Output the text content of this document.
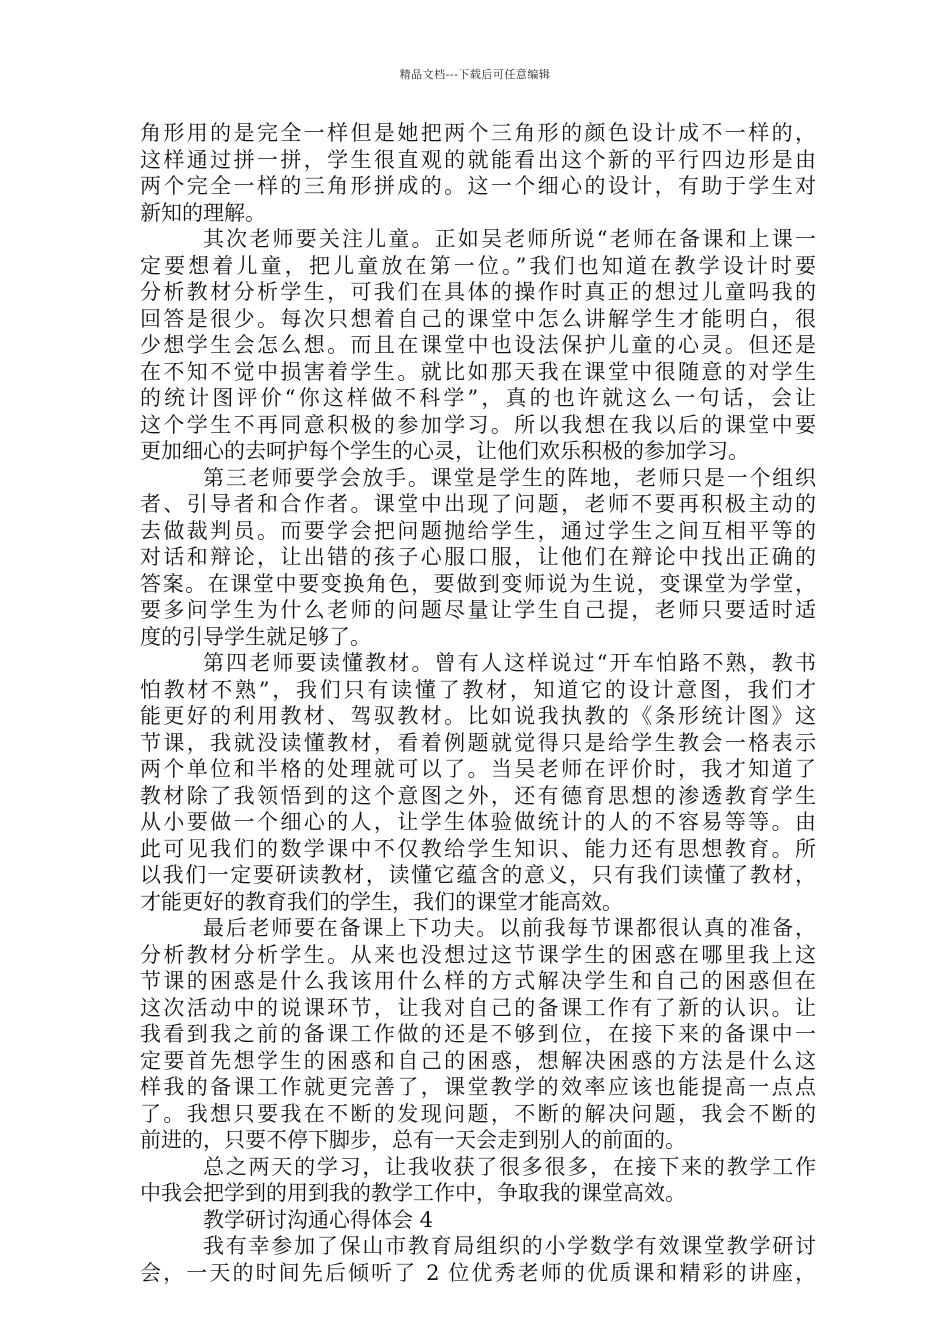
精品文档---下载后可任意编辑
角形用的是完全一样但是她把两个三角形的颜色设计成不一样的，
这样通过拼一拼，学生很直观的就能看出这个新的平行四边形是由
两个完全一样的三角形拼成的。这一个细心的设计，有助于学生对
新知的理解。
其次老师要关注儿童。正如吴老师所说“老师在备课和上课一
定要想着儿童，把儿童放在第一位。”我们也知道在教学设计时要
分析教材分析学生，可我们在具体的操作时真正的想过儿童吗我的
回答是很少。每次只想着自己的课堂中怎么讲解学生才能明白，很
少想学生会怎么想。而且在课堂中也设法保护儿童的心灵。但还是
在不知不觉中损害着学生。就比如那天我在课堂中很随意的对学生
的统计图评价“你这样做不科学”，真的也许就这么一句话，会让
这个学生不再同意积极的参加学习。所以我想在我以后的课堂中要
更加细心的去呵护每个学生的心灵，让他们欢乐积极的参加学习。
第三老师要学会放手。课堂是学生的阵地，老师只是一个组织
者、引导者和合作者。课堂中出现了问题，老师不要再积极主动的
去做裁判员。而要学会把问题抛给学生，通过学生之间互相平等的
对话和辩论，让出错的孩子心服口服，让他们在辩论中找出正确的
答案。在课堂中要变换角色，要做到变师说为生说，变课堂为学堂，
要多问学生为什么老师的问题尽量让学生自己提，老师只要适时适
度的引导学生就足够了。
第四老师要读懂教材。曾有人这样说过“开车怕路不熟，教书
怕教材不熟”，我们只有读懂了教材，知道它的设计意图，我们才
能更好的利用教材、驾驭教材。比如说我执教的《条形统计图》这
节课，我就没读懂教材，看着例题就觉得只是给学生教会一格表示
两个单位和半格的处理就可以了。当吴老师在评价时，我才知道了
教材除了我领悟到的这个意图之外，还有德育思想的渗透教育学生
从小要做一个细心的人，让学生体验做统计的人的不容易等等。由
此可见我们的数学课中不仅教给学生知识、能力还有思想教育。所
以我们一定要研读教材，读懂它蕴含的意义，只有我们读懂了教材，
才能更好的教育我们的学生，我们的课堂才能高效。
最后老师要在备课上下功夫。以前我每节课都很认真的准备，
分析教材分析学生。从来也没想过这节课学生的困惑在哪里我上这
节课的困惑是什么我该用什么样的方式解决学生和自己的困惑但在
这次活动中的说课环节，让我对自己的备课工作有了新的认识。让
我看到我之前的备课工作做的还是不够到位，在接下来的备课中一
定要首先想学生的困惑和自己的困惑，想解决困惑的方法是什么这
样我的备课工作就更完善了，课堂教学的效率应该也能提高一点点
了。我想只要我在不断的发现问题，不断的解决问题，我会不断的
前进的，只要不停下脚步，总有一天会走到别人的前面的。
总之两天的学习，让我收获了很多很多，在接下来的教学工作
中我会把学到的用到我的教学工作中，争取我的课堂高效。
教学研讨沟通心得体会 4
我有幸参加了保山市教育局组织的小学数学有效课堂教学研讨
会，一天的时间先后倾听了 2 位优秀老师的优质课和精彩的讲座，
